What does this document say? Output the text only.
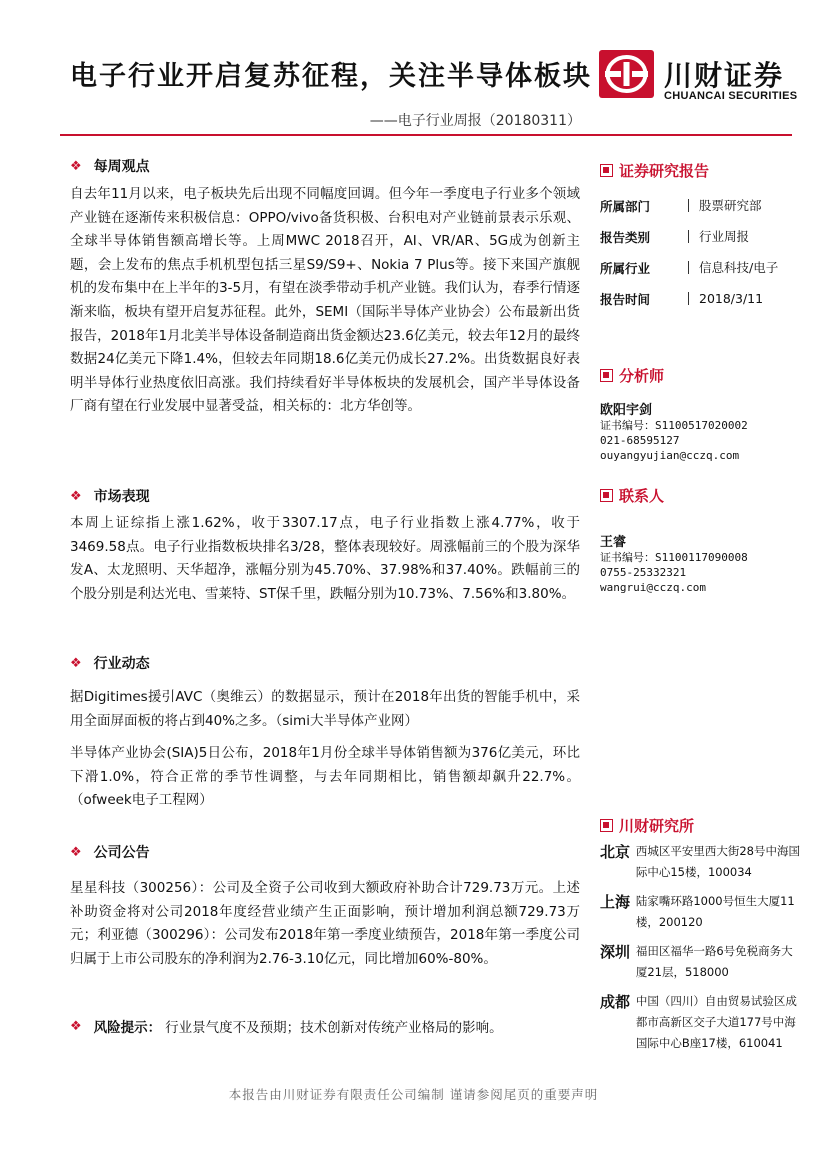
电子行业开启复苏征程，关注半导体板块
——电子行业周报（20180311）
川财证券
CHUANCAI SECURITIES
❖ 每周观点
自去年11月以来，电子板块先后出现不同幅度回调。但今年一季度电子行业多个领域产业链在逐渐传来积极信息：OPPO/vivo备货积极、台积电对产业链前景表示乐观、全球半导体销售额高增长等。上周MWC 2018召开，AI、VR/AR、5G成为创新主题，会上发布的焦点手机机型包括三星S9/S9+、Nokia 7 Plus等。接下来国产旗舰机的发布集中在上半年的3-5月，有望在淡季带动手机产业链。我们认为，春季行情逐渐来临，板块有望开启复苏征程。此外，SEMI（国际半导体产业协会）公布最新出货报告，2018年1月北美半导体设备制造商出货金额达23.6亿美元，较去年12月的最终数据24亿美元下降1.4%，但较去年同期18.6亿美元仍成长27.2%。出货数据良好表明半导体行业热度依旧高涨。我们持续看好半导体板块的发展机会，国产半导体设备厂商有望在行业发展中显著受益，相关标的：北方华创等。
❖ 市场表现
本周上证综指上涨1.62%，收于3307.17点，电子行业指数上涨4.77%，收于3469.58点。电子行业指数板块排名3/28，整体表现较好。周涨幅前三的个股为深华发A、太龙照明、天华超净，涨幅分别为45.70%、37.98%和37.40%。跌幅前三的个股分别是利达光电、雪莱特、ST保千里，跌幅分别为10.73%、7.56%和3.80%。
❖ 行业动态
据Digitimes援引AVC（奥维云）的数据显示，预计在2018年出货的智能手机中，采用全面屏面板的将占到40%之多。（simi大半导体产业网）
半导体产业协会(SIA)5日公布，2018年1月份全球半导体销售额为376亿美元，环比下滑1.0%，符合正常的季节性调整，与去年同期相比，销售额却飙升22.7%。（ofweek电子工程网）
❖ 公司公告
星星科技（300256）：公司及全资子公司收到大额政府补助合计729.73万元。上述补助资金将对公司2018年度经营业绩产生正面影响，预计增加利润总额729.73万元；利亚德（300296）：公司发布2018年第一季度业绩预告，2018年第一季度公司归属于上市公司股东的净利润为2.76-3.10亿元，同比增加60%-80%。
❖ 风险提示： 行业景气度不及预期；技术创新对传统产业格局的影响。
证券研究报告
所属部门	股票研究部
报告类别	行业周报
所属行业	信息科技/电子
报告时间	2018/3/11
分析师
欧阳宇剑
证书编号：S1100517020002
021-68595127
ouyangyujian@cczq.com
联系人
王睿
证书编号：S1100117090008
0755-25332321
wangrui@cczq.com
川财研究所
北京 西城区平安里西大街28号中海国际中心15楼，100034
上海 陆家嘴环路1000号恒生大厦11楼，200120
深圳 福田区福华一路6号免税商务大厦21层，518000
成都 中国（四川）自由贸易试验区成都市高新区交子大道177号中海国际中心B座17楼，610041
本报告由川财证券有限责任公司编制 谨请参阅尾页的重要声明
